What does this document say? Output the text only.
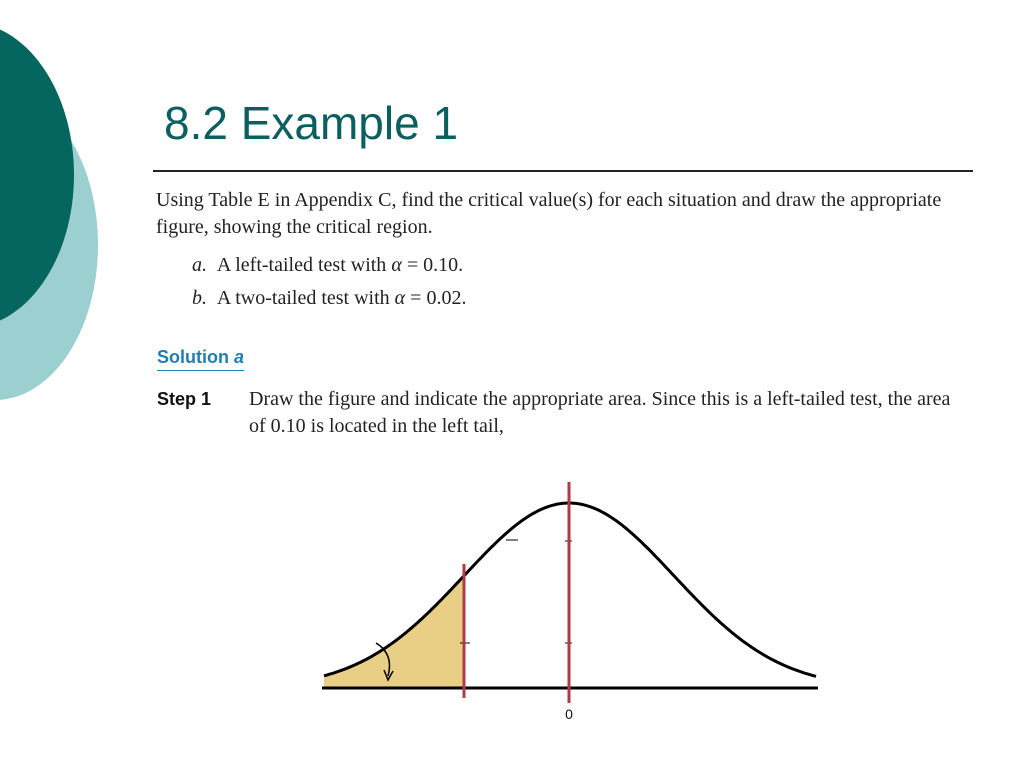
8.2 Example 1
Using Table E in Appendix C, find the critical value(s) for each situation and draw the appropriate figure, showing the critical region.
a. A left-tailed test with α = 0.10.
b. A two-tailed test with α = 0.02.
Solution a
Step 1 Draw the figure and indicate the appropriate area. Since this is a left-tailed test, the area of 0.10 is located in the left tail,
0
